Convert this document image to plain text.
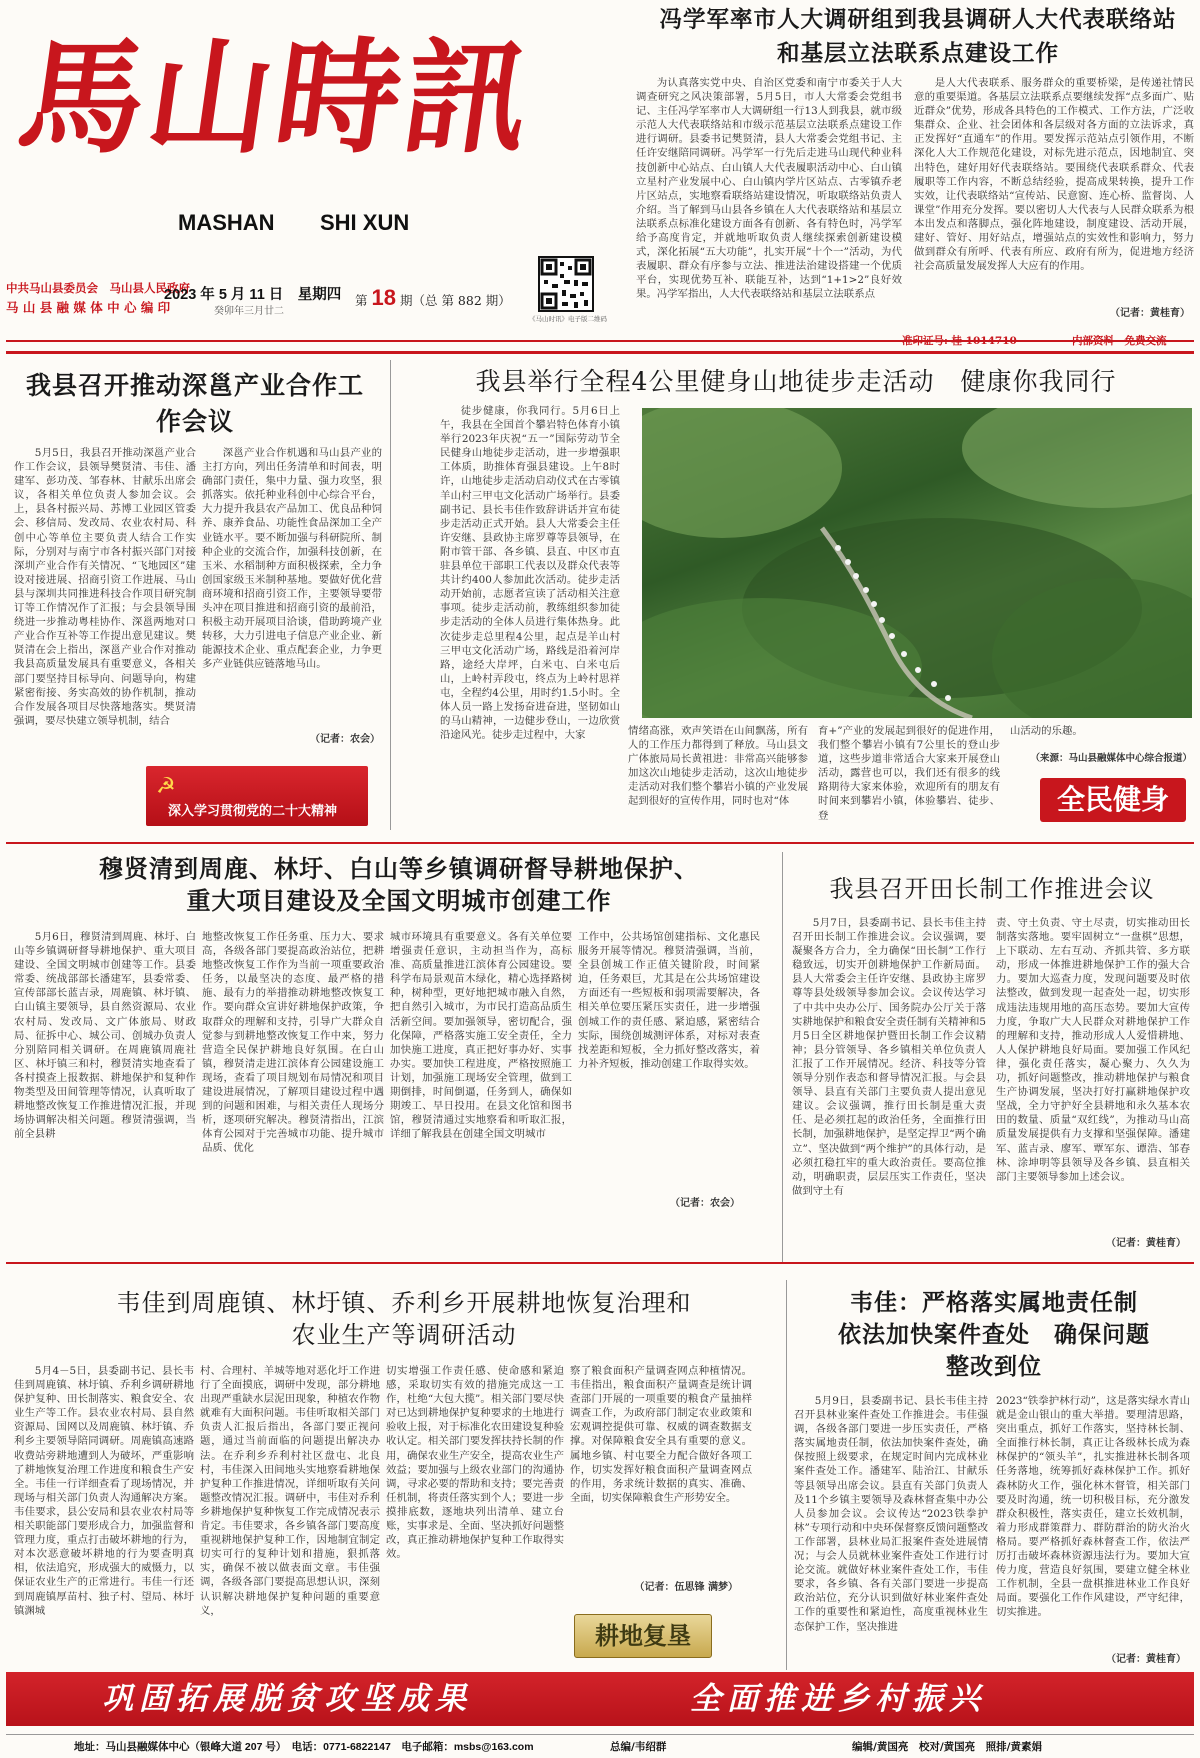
馬山時訊
MASHAN SHI XUN
中共马山县委员会　马山县人民政府
马 山 县 融 媒 体 中 心 编 印
2023 年 5 月 11 日　星期四
癸卯年三月廿二
第 18 期（总 第 882 期）
《马山时讯》电子版二维码
冯学军率市人大调研组到我县调研人大代表联络站
和基层立法联系点建设工作

为认真落实党中央、自治区党委和南宁市委关于人大调查研究之风决策部署，5月5日，市人大常委会党组书记、主任冯学军率市人大调研组一行13人到我县，就市级示范人大代表联络站和市级示范基层立法联系点建设工作进行调研。县委书记樊贤清，县人大常委会党组书记、主任许安继陪同调研。冯学军一行先后走进马山现代种业科技创新中心站点、白山镇人大代表履职活动中心、白山镇立星村产业发展中心、白山镇内学片区站点、古零镇乔老片区站点，实地察看联络站建设情况，听取联络站负责人介绍。当了解到马山县各乡镇在人大代表联络站和基层立法联系点标准化建设方面各有创新、各有特色时，冯学军给予高度肯定，并就地听取负责人继续探索创新建设模式，深化拓展“五大功能”，扎实开展“十个一”活动，为代表履职、群众有序参与立法、推进法治建设搭建一个优质平台，实现优势互补、联能互补，达到“1+1>2”良好效果。冯学军指出，人大代表联络站和基层立法联系点

是人大代表联系、服务群众的重要桥梁，是传递社情民意的重要渠道。各基层立法联系点要继续发挥“点多面广、贴近群众”优势，形成各具特色的工作模式、工作方法，广泛收集群众、企业、社会团体和各层级对各方面的立法诉求，真正发挥好“直通车”的作用。要发挥示范站点引领作用，不断深化人大工作规范化建设，对标先进示范点，因地制宜、突出特色，建好用好代表联络站。要围绕代表联系群众、代表履职等工作内容，不断总结经验，提高成果转换，提升工作实效，让代表联络站“宣传站、民意窗、连心桥、监督岗、人课堂”作用充分发挥。要以密切人大代表与人民群众联系为根本出发点和落脚点，强化阵地建设，制度建设、活动开展，建好、管好、用好站点，增强站点的实效性和影响力，努力做到群众有所呼、代表有所应、政府有所为，促进地方经济社会高质量发展发挥人大应有的作用。

（记者：黄桂育）
准印证号: 桂 1014710	内部资料　免费交流
我县召开推动深邕产业合作工作会议

5月5日，我县召开推动深邕产业合作工作会议，县领导樊贤清、韦佳、潘建军、彭功茂、邹春林、甘献乐出席会议，各相关单位负责人参加会议。会上，县各村振兴局、苏博工业园区管委会、移信局、发改局、农业农村局、科创中心等单位主要负责人结合工作实际，分别对与南宁市各村振兴部门对接深圳产业合作有关情况、“飞地园区”建设对接进展、招商引资工作进展、马山县与深圳共同推进科技合作项目研究制订等工作情况作了汇报；与会县领导围绕进一步推动粤桂协作、深邕两地对口产业合作互补等工作提出意见建议。樊贤清在会上指出，深邕产业合作对推动我县高质量发展具有重要意义，各相关部门要坚持目标导向、问题导向，构建紧密衔接、务实高效的协作机制，推动合作发展各项目尽快落地落实。樊贤清强调，要尽快建立领导机制，结合

深邕产业合作机遇和马山县产业的主打方向，列出任务清单和时间表，明确部门责任，集中力量、强力攻坚，狠抓落实。依托种业科创中心综合平台，大力提升我县农产品加工、优良品种饲养、康养食品、功能性食品深加工全产业链水平。要不断加强与科研院所、制种企业的交流合作，加强科技创新，在玉米、水稻制种方面积极探索，全力争创国家级玉米制种基地。要做好优化营商环境和招商引资工作，主要领导要带头冲在项目推进和招商引资的最前沿，积极主动开展项目洽谈，借助跨境产业转移，大力引进电子信息产业企业、新能源技术企业、重点配套企业，力争更多产业链供应链落地马山。

（记者：农会）
☭
深入学习贯彻党的二十大精神
我县举行全程4公里健身山地徒步走活动　健康你我同行

徒步健康，你我同行。5月6日上午，我县在全国首个攀岩特色体育小镇举行2023年庆祝“五一”国际劳动节全民健身山地徒步走活动，进一步增强职工体质，助推体育强县建设。上午8时许，山地徒步走活动启动仪式在古零镇羊山村三甲屯文化活动广场举行。县委副书记、县长韦佳作致辞讲话并宣布徒步走活动正式开始。县人大常委会主任许安继、县政协主席罗尊等县领导，在附市管干部、各乡镇、县直、中区市直驻县单位干部职工代表以及群众代表等共计约400人参加此次活动。徒步走活动开始前，志愿者宣读了活动相关注意事项。徒步走活动前，教练组织参加徒步走活动的全体人员进行集体热身。此次徒步走总里程4公里，起点是羊山村三甲屯文化活动广场，路线是沿着河岸路，途经大岸坪，白米屯、白米屯后山，上岭村弄段屯，终点为上岭村思祥屯，全程约4公里，用时约1.5小时。全体人员一路上发扬奋进奋进，坚韧如山的马山精神，一边健步登山，一边欣赏沿途风光。徒步走过程中，大家	情绪高涨，欢声笑语在山间飘荡，所有人的工作压力都得到了释放。马山县文广体旅局局长黄祖进：非常高兴能够参加这次山地徒步走活动，这次山地徒步走活动对我们整个攀岩小镇的产业发展起到很好的宣传作用，同时也对“体

育+”产业的发展起到很好的促进作用，我们整个攀岩小镇有7公里长的登山步道，这些步道非常适合大家来开展登山活动，露营也可以，我们还有很多的线路期待大家来体验，欢迎所有的朋友有时间来到攀岩小镇，体验攀岩、徒步、登

山活动的乐趣。

（来源：马山县融媒体中心综合报道）
全民健身
穆贤清到周鹿、林圩、白山等乡镇调研督导耕地保护、
重大项目建设及全国文明城市创建工作

5月6日，穆贤清到周鹿、林圩、白山等乡镇调研督导耕地保护、重大项目建设、全国文明城市创建等工作。县委常委、统战部部长潘建军，县委常委、宣传部部长蓝吉录，周鹿镇、林圩镇、白山镇主要领导，县自然资源局、农业农村局、发改局、文广体旅局、财政局、征拆中心、城公司、创城办负责人分别陪同相关调研。在周鹿镇周鹿社区、林圩镇三和村，穆贤清实地查看了各村摸查上报数据、耕地保护和复种作物类型及田间管理等情况，认真听取了耕地整改恢复工作推进情况汇报，并现场协调解决相关问题。穆贤清强调，当前全县耕

地整改恢复工作任务重、压力大、要求高，各级各部门要提高政治站位，把耕地整改恢复工作作为当前一项重要政治任务，以最坚决的态度、最严格的措施、最有力的举措推动耕地整改恢复工作。要向群众宣讲好耕地保护政策，争取群众的理解和支持，引导广大群众自觉参与到耕地整改恢复工作中来，努力营造全民保护耕地良好氛围。在白山镇，穆贤清走进江滨体育公园建设施工现场，查看了项目规划布局情况和项目建设进展情况，了解项目建设过程中遇到的问题和困难，与相关责任人现场分析，逐项研究解决。穆贤清指出，江滨体育公园对于完善城市功能、提升城市品质、优化

城市环境具有重要意义。各有关单位要增强责任意识，主动担当作为，高标准、高质量推进江滨体育公园建设。要科学布局景观苗木绿化，精心选择路树种，树种型，更好地把城市融入自然，把自然引入城市，为市民打造高品质生活新空间。要加强领导，密切配合，强化保障，严格落实施工安全责任，全力加快施工进度，真正把好事办好、实事办实。要加快工程进度，严格按照施工计划，加强施工现场安全管理，做到工期倒排，时间倒逼，任务到人，确保如期竣工、早日投用。在县文化馆和图书馆，穆贤清通过实地察看和听取汇报，详细了解我县在创建全国文明城市

工作中，公共场馆创建指标、文化惠民服务开展等情况。穆贤清强调，当前，全县创城工作正值关键阶段，时间紧迫，任务艰巨，尤其是在公共场馆建设方面还有一些短板和弱项需要解决，各相关单位要压紧压实责任，进一步增强创城工作的责任感、紧迫感，紧密结合实际，围绕创城测评体系，对标对表查找差距和短板，全力抓好整改落实，着力补齐短板，推动创建工作取得实效。

（记者：农会）
我县召开田长制工作推进会议

5月7日，县委副书记、县长韦佳主持召开田长制工作推进会议。会议强调，要凝聚各方合力，全力确保“田长制”工作行稳致远，切实开创耕地保护工作新局面。县人大常委会主任许安继、县政协主席罗尊等县处级领导参加会议。会议传达学习了中共中央办公厅、国务院办公厅关于落实耕地保护和粮食安全责任制有关精神和5月5日全区耕地保护暨田长制工作会议精神；县分管领导、各乡镇相关单位负责人汇报了工作开展情况。经济、科技等分管领导分别作表态和督导情况汇报。与会县领导、县直有关部门主要负责人提出意见建议。会议强调，推行田长制是重大责任、是必须扛起的政治任务，全面推行田长制，加强耕地保护，是坚定捍卫“两个确立”、坚决做到“两个维护”的具体行动，是必须扛稳扛牢的重大政治责任。要高位推动，明确职责，层层压实工作责任，坚决做到守土有

责、守土负责、守土尽责，切实推动田长制落实落地。要牢固树立“一盘棋”思想，上下联动、左右互动、齐抓共管、多方联动，形成一体推进耕地保护工作的强大合力。要加大巡查力度，发现问题要及时依法整改，做到发现一起查处一起，切实形成违法违规用地的高压态势。要加大宣传力度，争取广大人民群众对耕地保护工作的理解和支持，推动形成人人爱惜耕地、人人保护耕地良好局面。要加强工作风纪律，强化责任落实，凝心聚力、久久为功，抓好问题整改，推动耕地保护与粮食生产协调发展，坚决打好打赢耕地保护攻坚战，全力守护好全县耕地和永久基本农田的数量、质量“双红线”，为推动马山高质量发展提供有力支撑和坚强保障。潘建军、蓝吉录、廖军、覃军东、谭浩、邹春林、涂坤明等县领导及各乡镇、县直相关部门主要领导参加上述会议。

（记者：黄桂育）
韦佳到周鹿镇、林圩镇、乔利乡开展耕地恢复治理和
农业生产等调研活动

5月4－5日，县委副书记、县长韦佳到周鹿镇、林圩镇、乔利乡调研耕地保护复种、田长制落实、粮食安全、农业生产等工作。县农业农村局、县自然资源局、国网以及周鹿镇、林圩镇、乔利乡主要领导陪同调研。周鹿镇高速路收费站旁耕地遭到人为破坏，严重影响了耕地恢复治理工作进度和粮食生产安全。韦佳一行详细查看了现场情况，并现场与相关部门负责人沟通解决方案。韦佳要求，县公安局和县农业农村局等相关职能部门要形成合力，加强监督和管理力度，重点打击破坏耕地的行为，对本次恶意破坏耕地的行为要查明真相，依法追究，形成强大的威慑力，以保证农业生产的正常进行。韦佳一行还到周鹿镇厚苗村、独子村、望局、林圩镇渊城

村、合理村、羊城等地对恶化圩工作进行了全面摸底，调研中发现，部分耕地出现严重缺水层泥田现象，种植农作物就难有大面积问题。韦佳听取相关部门负责人汇报后指出，各部门要正视问题，通过当前面临的问题提出解决办法。在乔利乡乔利村社区盘屯、北良村，韦佳深入田间地头实地察看耕地保护复种工作推进情况，详细听取有关问题整改情况汇报。调研中，韦佳对乔利乡耕地保护复种恢复工作完成情况表示肯定。韦佳要求，各乡镇各部门要高度重视耕地保护复种工作，因地制宜制定切实可行的复种计划和措施，狠抓落实，确保不被以做表面文章。韦佳强调，各级各部门要提高思想认识，深刻认识解决耕地保护复种问题的重要意义，

切实增强工作责任感、使命感和紧迫感，采取切实有效的措施完成这一工作，杜绝“大包大揽”。相关部门要尽快对已达到耕地保护复种要求的土地进行验收上报，对于标准化农田建设复种验收认定。相关部门要发挥扶持长制的作用，确保农业生产安全，提高农业生产效益；要加强与上级农业部门的沟通协调，寻求必要的帮助和支持；要完善责任机制，将责任落实到个人；要进一步摸排底数，逐地块列出清单、建立台账，实事求是、全面、坚决抓好问题整改，真正推动耕地保护复种工作取得实效。

察了粮食面积产量调查网点种植情况。韦佳指出，粮食面积产量调查是统计调查部门开展的一项重要的粮食产量抽样调查工作，为政府部门制定农业政策和宏观调控提供可靠、权威的调查数据支撑。对保障粮食安全具有重要的意义。属地乡镇、村屯要全力配合做好各项工作，切实发挥好粮食面积产量调查网点的作用，务求统计数据的真实、准确、全面，切实保障粮食生产形势安全。

（记者：伍思锋 满梦）
耕地复垦
韦佳：严格落实属地责任制
依法加快案件查处　确保问题
整改到位

5月9日，县委副书记、县长韦佳主持召开县林业案件查处工作推进会。韦佳强调，各级各部门要进一步压实责任，严格落实属地责任制，依法加快案件查处，确保按照上级要求，在规定时间内完成林业案件查处工作。潘建军、陆治江、甘献乐等县领导出席会议。县直有关部门负责人及11个乡镇主要领导及森林督查集中办公人员参加会议。会议传达“2023铁拳护林”专项行动和中央环保督察反馈问题整改工作部署，县林业局汇报案件查处进展情况；与会人员就林业案件查处工作进行讨论交流。就做好林业案件查处工作，韦佳要求，各乡镇、各有关部门要进一步提高政治站位，充分认识到做好林业案件查处工作的重要性和紧迫性，高度重视林业生态保护工作，坚决推进

2023“铁拳护林行动”，这是落实绿水青山就是金山银山的重大举措。要理清思路，突出重点，抓好工作落实，坚持林长制、全面推行林长制，真正让各级林长成为森林保护的“领头羊”，扎实推进林长制各项任务落地，统筹抓好森林保护工作。抓好森林防火工作，强化林木督管，相关部门要及时沟通，统一切积极目标，充分激发群众积极性，落实责任，建立长效机制，着力形成群策群力、群防群治的防火治火格局。要严格抓好森林督查工作，依法严厉打击破坏森林资源违法行为。要加大宣传力度，营造良好氛围，要建立健全林业工作机制，全县一盘棋推进林业工作良好局面。要强化工作作风建设，严守纪律，切实推进。

（记者：黄桂育）
巩固拓展脱贫攻坚成果	全面推进乡村振兴
地址：马山县融媒体中心（银峰大道 207 号）　电话：0771-6822147　电子邮箱：msbs@163.com	总编/韦绍群	编辑/黄国亮　校对/黄国亮　照排/黄素娟
